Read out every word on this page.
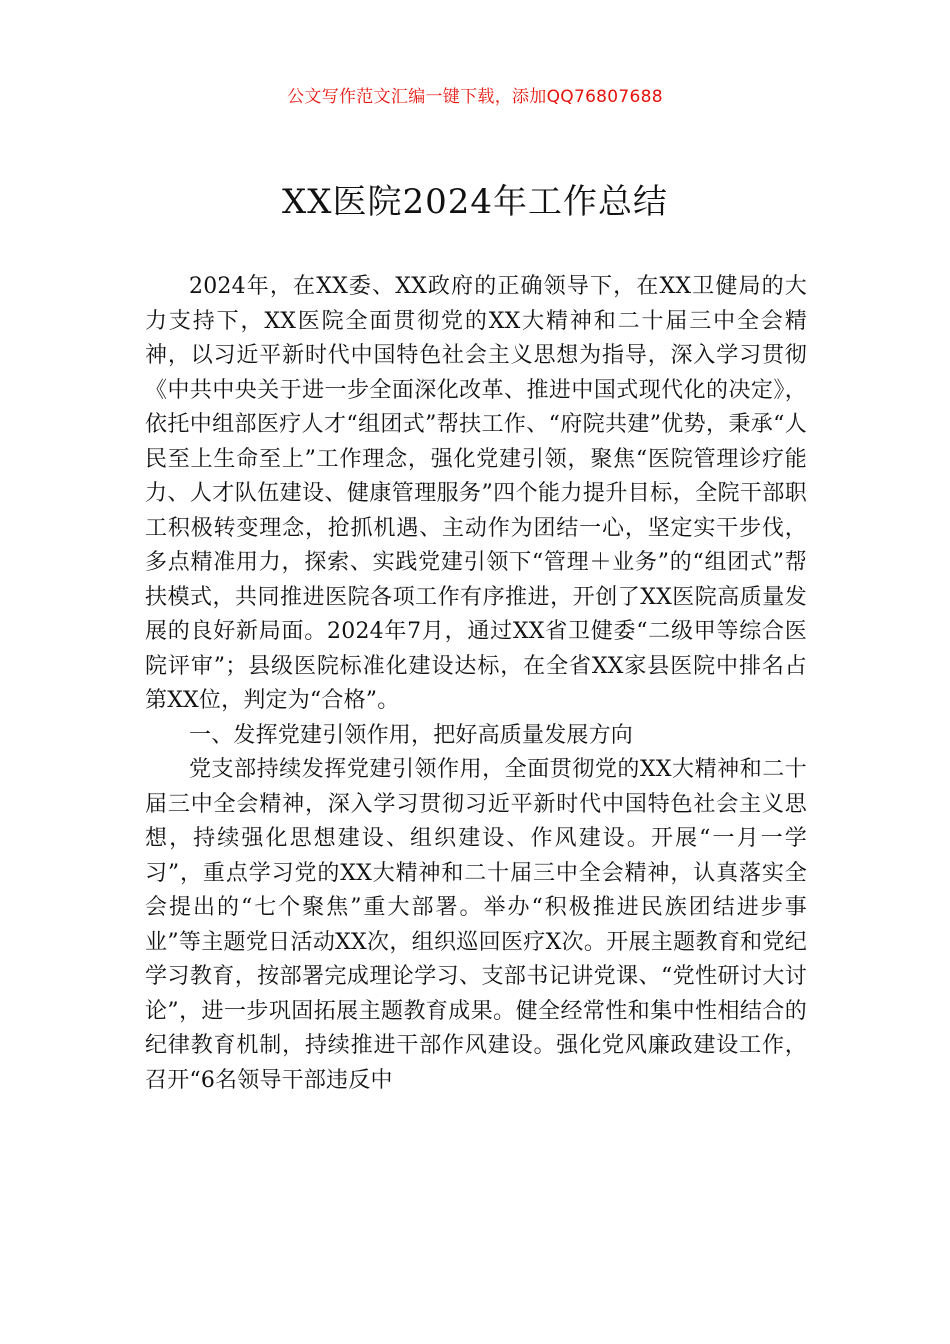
公文写作范文汇编一键下载，添加QQ76807688
XX医院2024年工作总结

2024年，在XX委、XX政府的正确领导下，在XX卫健局的大力支持下，XX医院全面贯彻党的XX大精神和二十届三中全会精神，以习近平新时代中国特色社会主义思想为指导，深入学习贯彻《中共中央关于进一步全面深化改革、推进中国式现代化的决定》，依托中组部医疗人才“组团式”帮扶工作、“府院共建”优势，秉承“人民至上生命至上”工作理念，强化党建引领，聚焦“医院管理诊疗能力、人才队伍建设、健康管理服务”四个能力提升目标，全院干部职工积极转变理念，抢抓机遇、主动作为团结一心，坚定实干步伐，多点精准用力，探索、实践党建引领下“管理＋业务”的“组团式”帮扶模式，共同推进医院各项工作有序推进，开创了XX医院高质量发展的良好新局面。2024年7月，通过XX省卫健委“二级甲等综合医院评审”；县级医院标准化建设达标，在全省XX家县医院中排名占第XX位，判定为“合格”。

一、发挥党建引领作用，把好高质量发展方向

党支部持续发挥党建引领作用，全面贯彻党的XX大精神和二十届三中全会精神，深入学习贯彻习近平新时代中国特色社会主义思想，持续强化思想建设、组织建设、作风建设。开展“一月一学习”，重点学习党的XX大精神和二十届三中全会精神，认真落实全会提出的“七个聚焦”重大部署。举办“积极推进民族团结进步事业”等主题党日活动XX次，组织巡回医疗X次。开展主题教育和党纪学习教育，按部署完成理论学习、支部书记讲党课、“党性研讨大讨论”，进一步巩固拓展主题教育成果。健全经常性和集中性相结合的纪律教育机制，持续推进干部作风建设。强化党风廉政建设工作，召开“6名领导干部违反中
